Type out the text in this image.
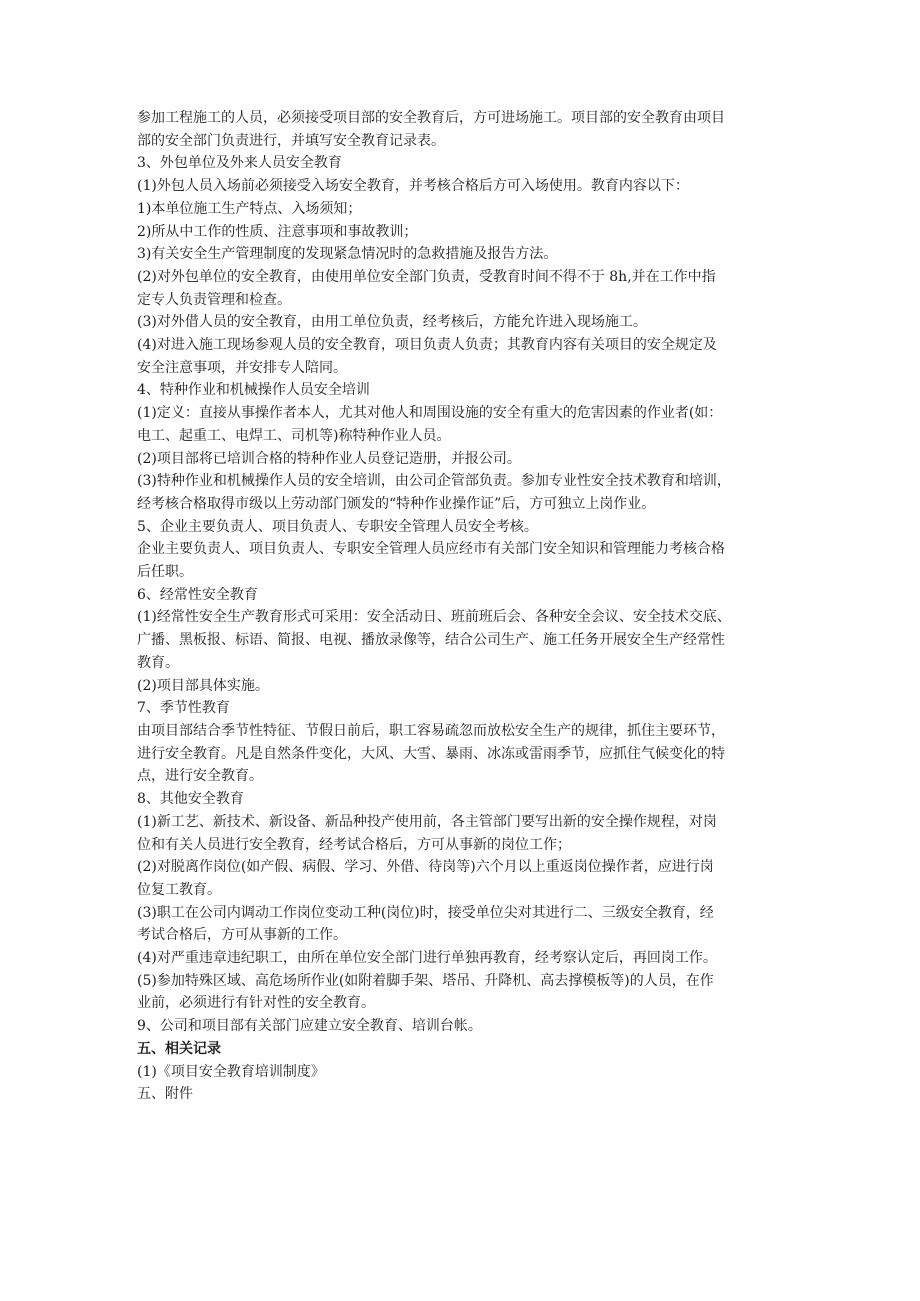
参加工程施工的人员，必须接受项目部的安全教育后，方可进场施工。项目部的安全教育由项目
部的安全部门负责进行，并填写安全教育记录表。
3、外包单位及外来人员安全教育
(1)外包人员入场前必须接受入场安全教育，并考核合格后方可入场使用。教育内容以下：
1)本单位施工生产特点、入场须知；
2)所从中工作的性质、注意事项和事故教训；
3)有关安全生产管理制度的发现紧急情况时的急救措施及报告方法。
(2)对外包单位的安全教育，由使用单位安全部门负责，受教育时间不得不于 8h,并在工作中指
定专人负责管理和检查。
(3)对外借人员的安全教育，由用工单位负责，经考核后，方能允许进入现场施工。
(4)对进入施工现场参观人员的安全教育，项目负责人负责；其教育内容有关项目的安全规定及
安全注意事项，并安排专人陪同。
4、特种作业和机械操作人员安全培训
(1)定义：直接从事操作者本人，尤其对他人和周围设施的安全有重大的危害因素的作业者(如：
电工、起重工、电焊工、司机等)称特种作业人员。
(2)项目部将已培训合格的特种作业人员登记造册，并报公司。
(3)特种作业和机械操作人员的安全培训，由公司企管部负责。参加专业性安全技术教育和培训，
经考核合格取得市级以上劳动部门颁发的“特种作业操作证”后，方可独立上岗作业。
5、企业主要负责人、项目负责人、专职安全管理人员安全考核。
企业主要负责人、项目负责人、专职安全管理人员应经市有关部门安全知识和管理能力考核合格
后任职。
6、经常性安全教育
(1)经常性安全生产教育形式可采用：安全活动日、班前班后会、各种安全会议、安全技术交底、
广播、黑板报、标语、简报、电视、播放录像等，结合公司生产、施工任务开展安全生产经常性
教育。
(2)项目部具体实施。
7、季节性教育
由项目部结合季节性特征、节假日前后，职工容易疏忽而放松安全生产的规律，抓住主要环节，
进行安全教育。凡是自然条件变化，大风、大雪、暴雨、冰冻或雷雨季节，应抓住气候变化的特
点，进行安全教育。
8、其他安全教育
(1)新工艺、新技术、新设备、新品种投产使用前，各主管部门要写出新的安全操作规程，对岗
位和有关人员进行安全教育，经考试合格后，方可从事新的岗位工作；
(2)对脱离作岗位(如产假、病假、学习、外借、待岗等)六个月以上重返岗位操作者，应进行岗
位复工教育。
(3)职工在公司内调动工作岗位变动工种(岗位)时，接受单位尖对其进行二、三级安全教育，经
考试合格后，方可从事新的工作。
(4)对严重违章违纪职工，由所在单位安全部门进行单独再教育，经考察认定后，再回岗工作。
(5)参加特殊区域、高危场所作业(如附着脚手架、塔吊、升降机、高去撑模板等)的人员，在作
业前，必须进行有针对性的安全教育。
9、公司和项目部有关部门应建立安全教育、培训台帐。
五、相关记录
(1)《项目安全教育培训制度》
五、附件
